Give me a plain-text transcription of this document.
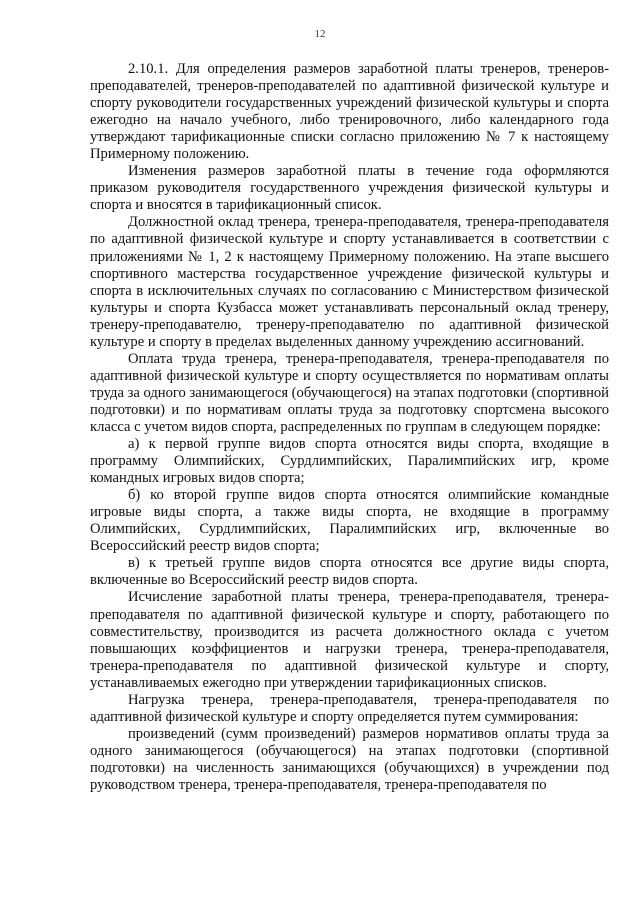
12

2.10.1. Для определения размеров заработной платы тренеров, тренеров-преподавателей, тренеров-преподавателей по адаптивной физической культуре и спорту руководители государственных учреждений физической культуры и спорта ежегодно на начало учебного, либо тренировочного, либо календарного года утверждают тарификационные списки согласно приложению № 7 к настоящему Примерному положению.

Изменения размеров заработной платы в течение года оформляются приказом руководителя государственного учреждения физической культуры и спорта и вносятся в тарификационный список.

Должностной оклад тренера, тренера-преподавателя, тренера-преподавателя по адаптивной физической культуре и спорту устанавливается в соответствии с приложениями № 1, 2 к настоящему Примерному положению. На этапе высшего спортивного мастерства государственное учреждение физической культуры и спорта в исключительных случаях по согласованию с Министерством физической культуры и спорта Кузбасса может устанавливать персональный оклад тренеру, тренеру-преподавателю, тренеру-преподавателю по адаптивной физической культуре и спорту в пределах выделенных данному учреждению ассигнований.

Оплата труда тренера, тренера-преподавателя, тренера-преподавателя по адаптивной физической культуре и спорту осуществляется по нормативам оплаты труда за одного занимающегося (обучающегося) на этапах подготовки (спортивной подготовки) и по нормативам оплаты труда за подготовку спортсмена высокого класса с учетом видов спорта, распределенных по группам в следующем порядке:

а) к первой группе видов спорта относятся виды спорта, входящие в программу Олимпийских, Сурдлимпийских, Паралимпийских игр, кроме командных игровых видов спорта;

б) ко второй группе видов спорта относятся олимпийские командные игровые виды спорта, а также виды спорта, не входящие в программу Олимпийских, Сурдлимпийских, Паралимпийских игр, включенные во Всероссийский реестр видов спорта;

в) к третьей группе видов спорта относятся все другие виды спорта, включенные во Всероссийский реестр видов спорта.

Исчисление заработной платы тренера, тренера-преподавателя, тренера-преподавателя по адаптивной физической культуре и спорту, работающего по совместительству, производится из расчета должностного оклада с учетом повышающих коэффициентов и нагрузки тренера, тренера-преподавателя, тренера-преподавателя по адаптивной физической культуре и спорту, устанавливаемых ежегодно при утверждении тарификационных списков.

Нагрузка тренера, тренера-преподавателя, тренера-преподавателя по адаптивной физической культуре и спорту определяется путем суммирования:

произведений (сумм произведений) размеров нормативов оплаты труда за одного занимающегося (обучающегося) на этапах подготовки (спортивной подготовки) на численность занимающихся (обучающихся) в учреждении под руководством тренера, тренера-преподавателя, тренера-преподавателя по
